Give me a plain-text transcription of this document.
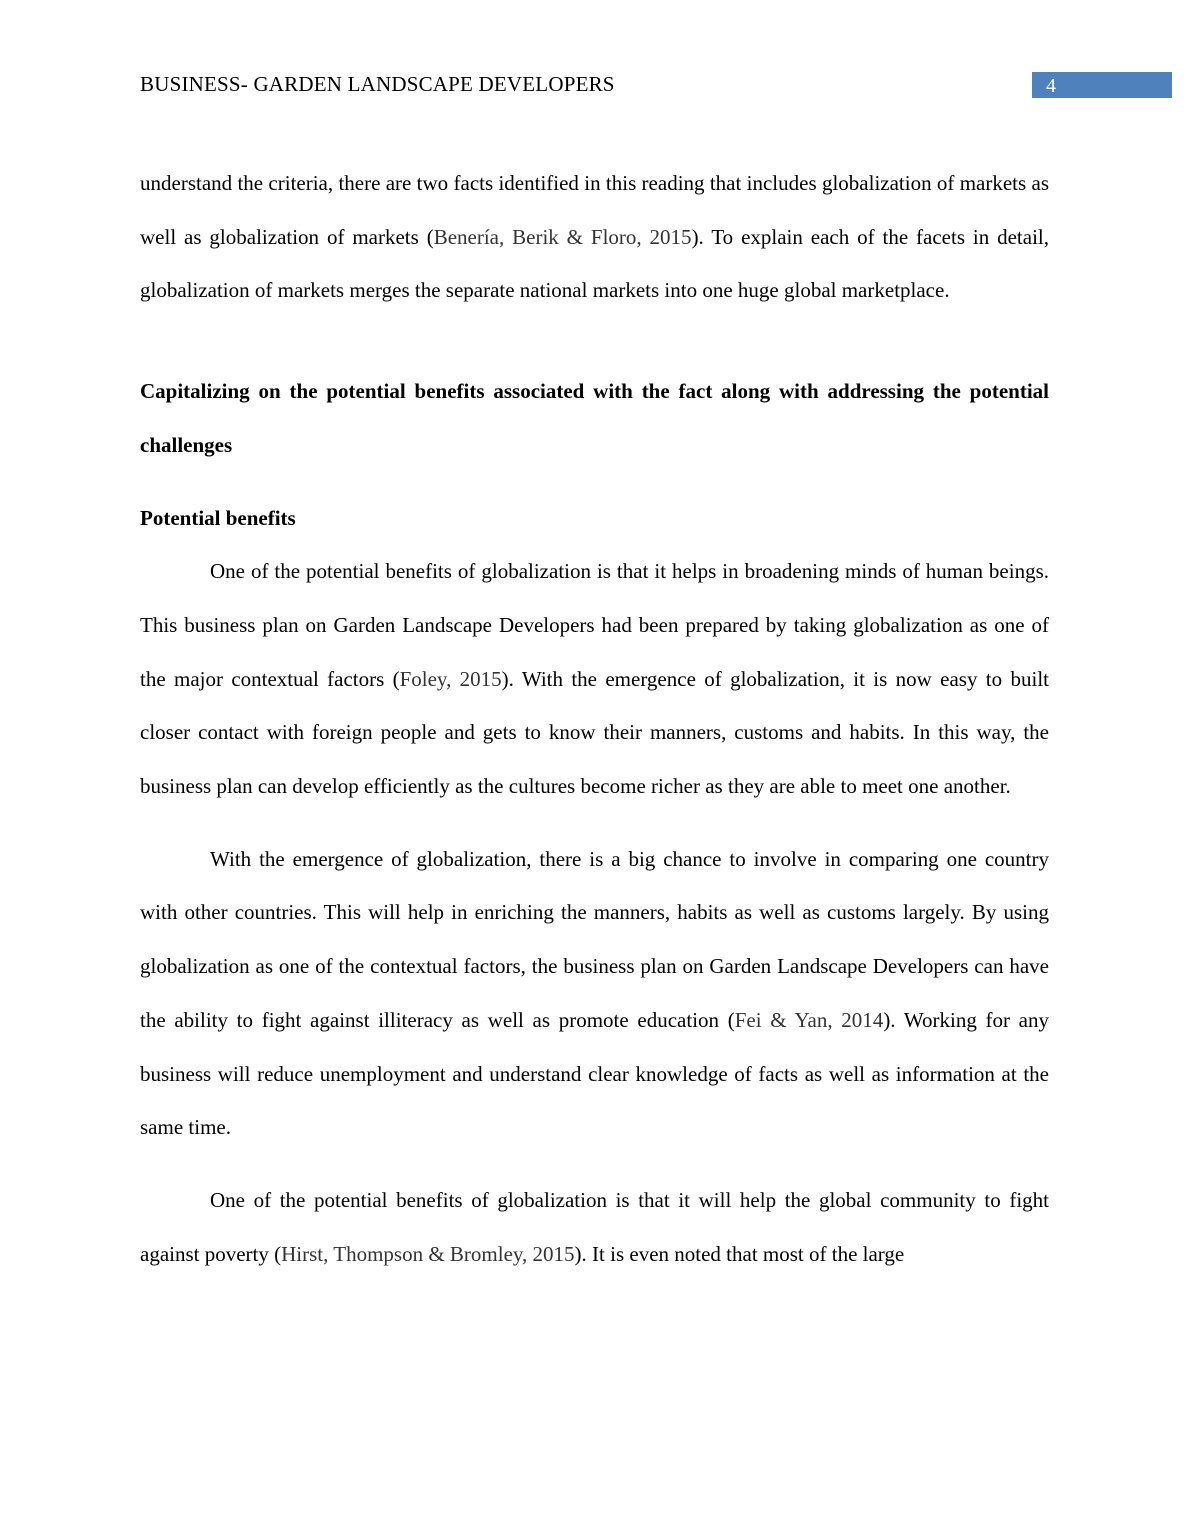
BUSINESS- GARDEN LANDSCAPE DEVELOPERS	4

understand the criteria, there are two facts identified in this reading that includes globalization of markets as well as globalization of markets (Benería, Berik & Floro, 2015). To explain each of the facets in detail, globalization of markets merges the separate national markets into one huge global marketplace.

Capitalizing on the potential benefits associated with the fact along with addressing the potential challenges

Potential benefits

One of the potential benefits of globalization is that it helps in broadening minds of human beings. This business plan on Garden Landscape Developers had been prepared by taking globalization as one of the major contextual factors (Foley, 2015). With the emergence of globalization, it is now easy to built closer contact with foreign people and gets to know their manners, customs and habits. In this way, the business plan can develop efficiently as the cultures become richer as they are able to meet one another.

With the emergence of globalization, there is a big chance to involve in comparing one country with other countries. This will help in enriching the manners, habits as well as customs largely. By using globalization as one of the contextual factors, the business plan on Garden Landscape Developers can have the ability to fight against illiteracy as well as promote education (Fei & Yan, 2014). Working for any business will reduce unemployment and understand clear knowledge of facts as well as information at the same time.

One of the potential benefits of globalization is that it will help the global community to fight against poverty (Hirst, Thompson & Bromley, 2015). It is even noted that most of the large
